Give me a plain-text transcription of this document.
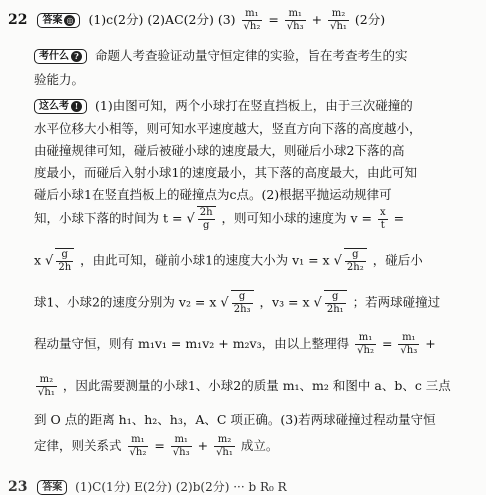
22 答案 ◎ (1)c(2分) (2)AC(2分) $(3) \frac{\text{m₁}}{\text{√h₂}} = \frac{\text{m₁}}{\text{√h₃}} + \frac{\text{m₂}}{\text{√h₁}} (2$分)
考什么 ? 命题人考查验证动量守恒定律的实验，旨在考查考生的实
验能力。
这么考 ! (1)由图可知，两个小球打在竖直挡板上，由于三次碰撞的
水平位移大小相等，则可知水平速度越大，竖直方向下落的高度越小，
由碰撞规律可知，碰后被碰小球的速度最大，则碰后小球2下落的高
度最小，而碰后入射小球1的速度最小，其下落的高度最大，由此可知
碰后小球1在竖直挡板上的碰撞点为c点。(2)根据平抛运动规律可
知，小球下落的时间为 t = √ $\frac{2h}{g}$ ，则可知小球的速度为 $v = \frac{x}{t}$ =
x √ $\frac{g}{2h}$ ，由此可知，碰前小球1的速度大小为 v₁ = x √ $\frac{g}{\text{2h₂}}$ ，碰后小
球1、小球2的速度分别为 v₂ = x √ $\frac{g}{\text{2h₃}}$ ，v₃ = x √ $\frac{g}{\text{2h₁}}$ ；若两球碰撞过
程动量守恒，则有 m₁v₁ = m₁v₂ + m₂v₃，由以上整理得 $\frac{\text{m₁}}{\text{√h₂}} = \frac{\text{m₁}}{\text{√h₃}}$ +
$\frac{\text{m₂}}{\text{√h₁}}$ ，因此需要测量的小球1、小球2的质量 m₁、m₂ 和图中 a、b、c 三点
到 O 点的距离 h₁、h₂、h₃，A、C 项正确。(3)若两球碰撞过程动量守恒
定律，则关系式 $\frac{\text{m₁}}{\text{√h₂}} = \frac{\text{m₁}}{\text{√h₃}} + \frac{\text{m₂}}{\text{√h₁}}$ 成立。
23 答案 (1)C(1分) E(2分) (2)b(2分) ··· b R₀ R
